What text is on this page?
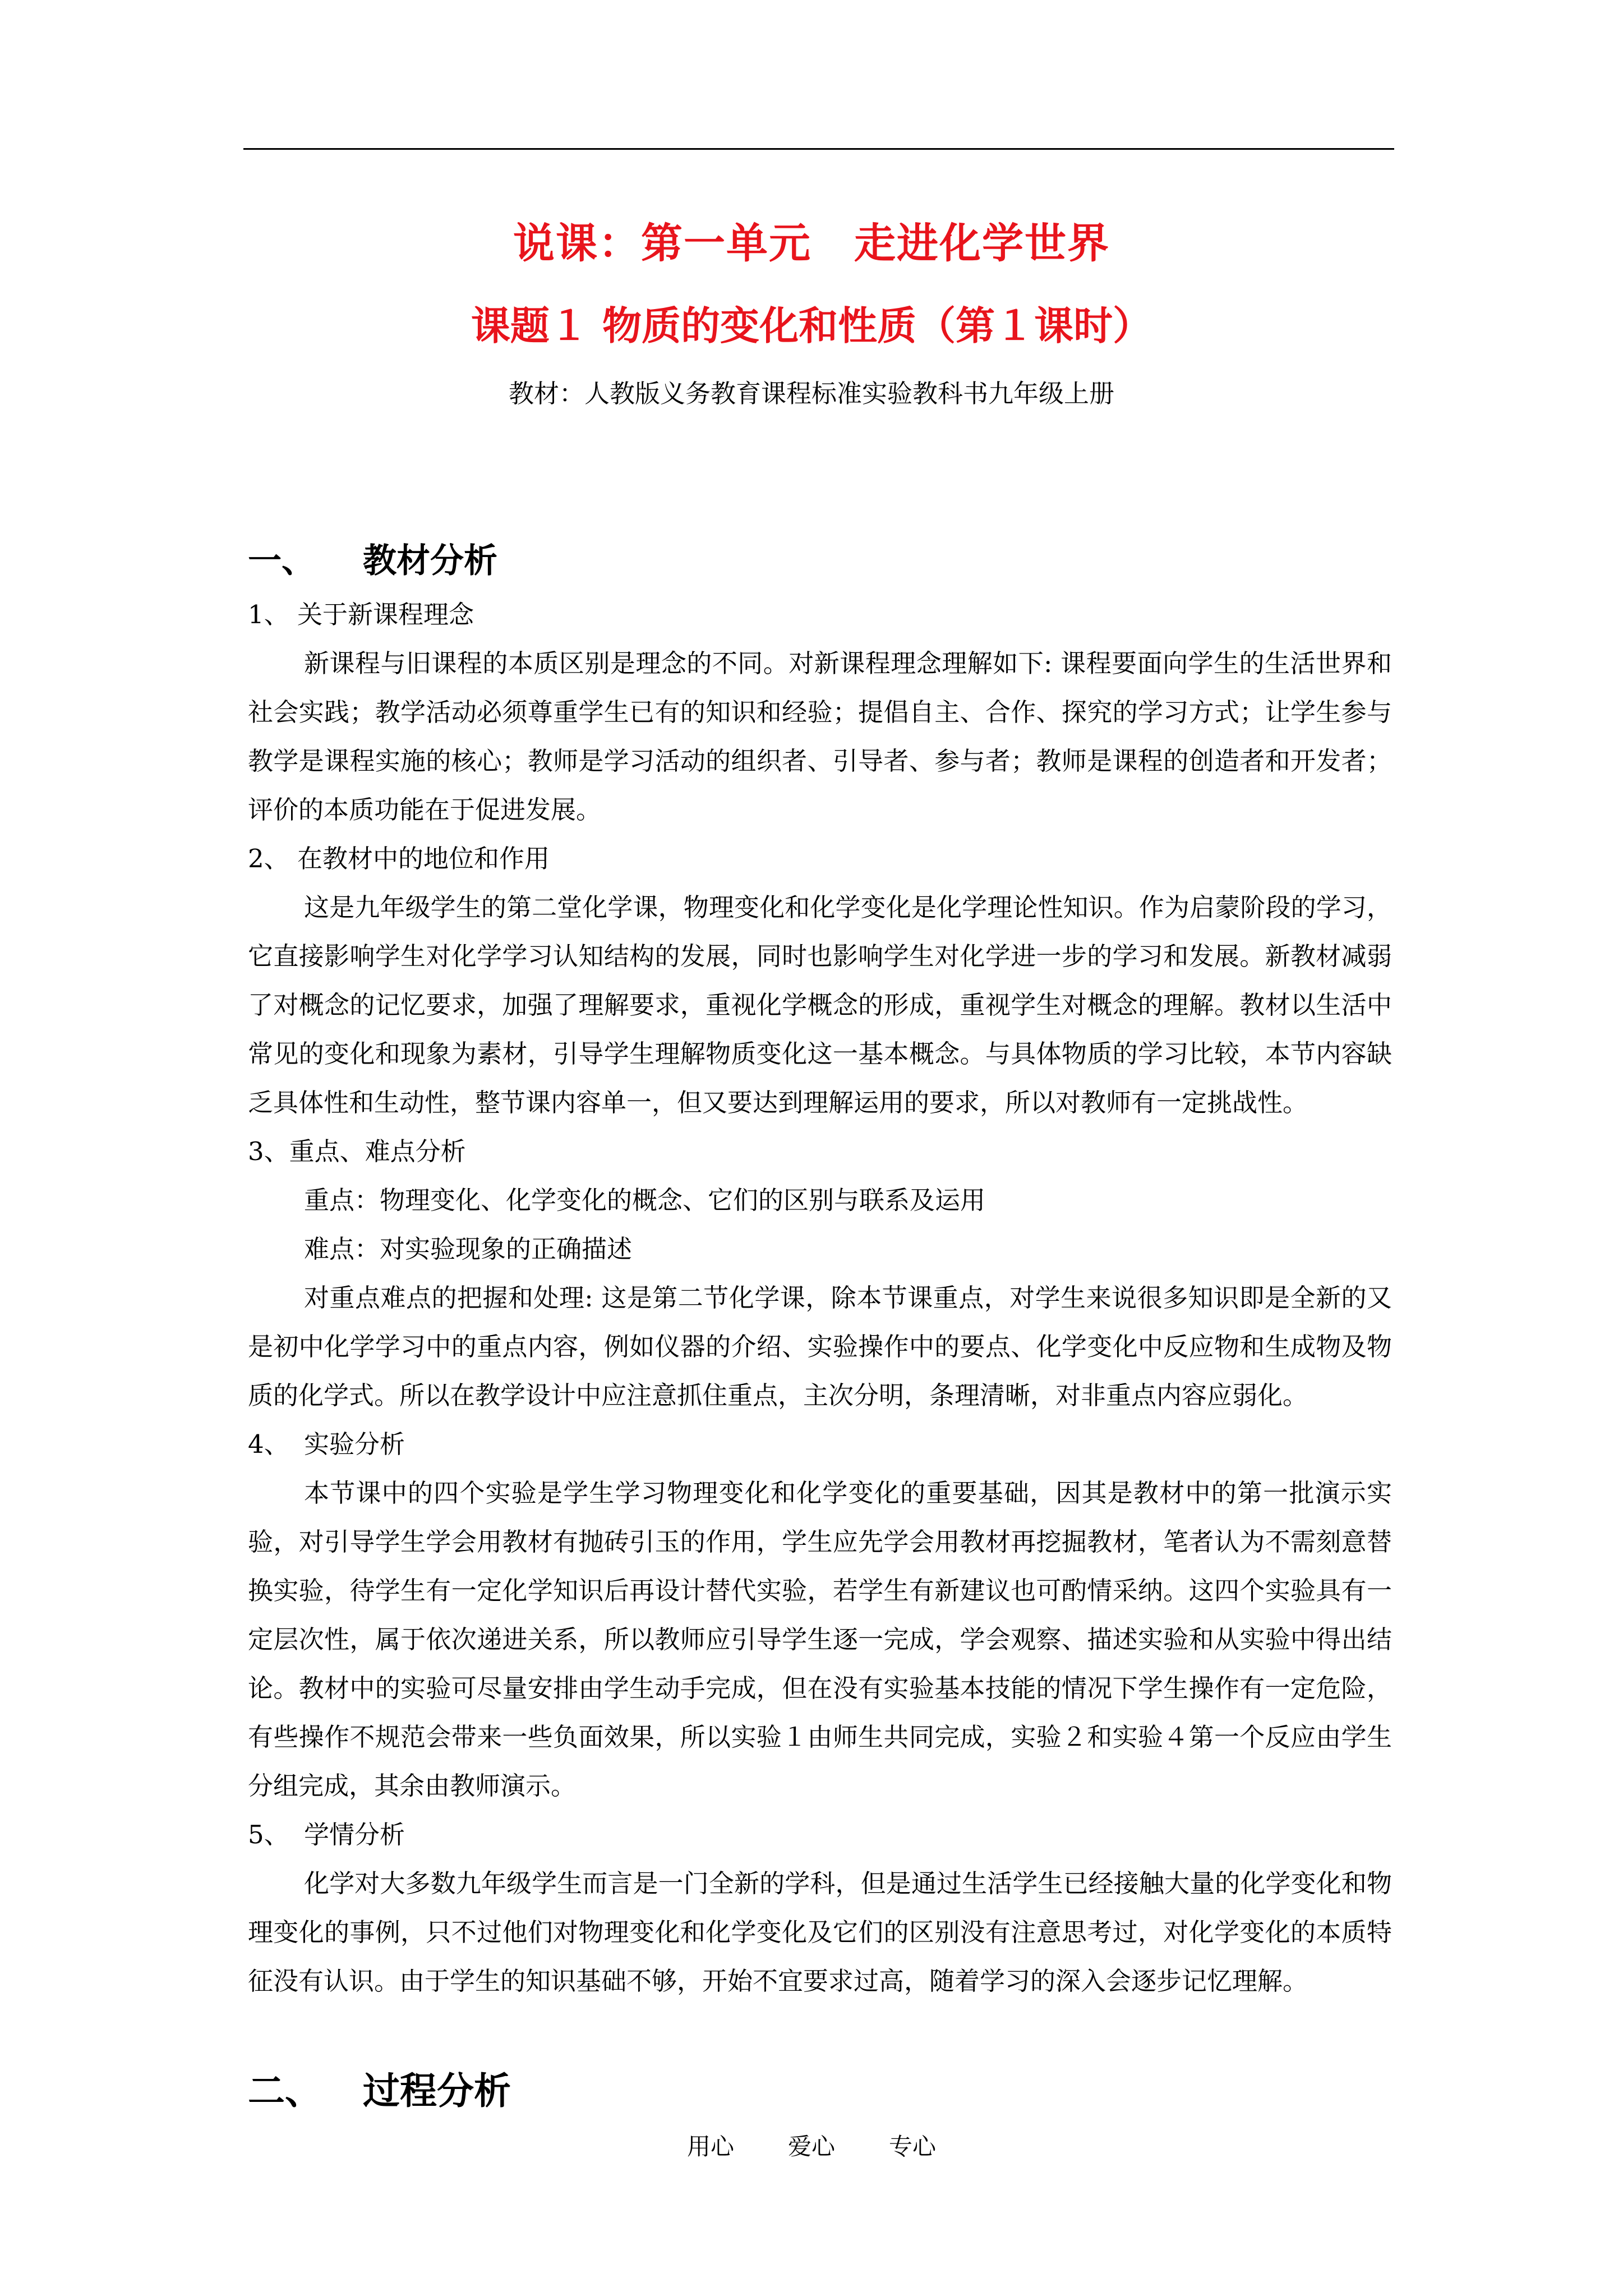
说课：第一单元　走进化学世界
课题１ 物质的变化和性质（第１课时）
教材：人教版义务教育课程标准实验教科书九年级上册
一、 教材分析

1、 关于新课程理念

新课程与旧课程的本质区别是理念的不同。对新课程理念理解如下: 课程要面向学生的生活世界和社会实践；教学活动必须尊重学生已有的知识和经验；提倡自主、合作、探究的学习方式；让学生参与教学是课程实施的核心；教师是学习活动的组织者、引导者、参与者；教师是课程的创造者和开发者；评价的本质功能在于促进发展。

2、 在教材中的地位和作用

这是九年级学生的第二堂化学课，物理变化和化学变化是化学理论性知识。作为启蒙阶段的学习，它直接影响学生对化学学习认知结构的发展，同时也影响学生对化学进一步的学习和发展。新教材减弱了对概念的记忆要求，加强了理解要求，重视化学概念的形成，重视学生对概念的理解。教材以生活中常见的变化和现象为素材，引导学生理解物质变化这一基本概念。与具体物质的学习比较，本节内容缺乏具体性和生动性，整节课内容单一，但又要达到理解运用的要求，所以对教师有一定挑战性。

3、重点、难点分析

重点：物理变化、化学变化的概念、它们的区别与联系及运用

难点：对实验现象的正确描述

对重点难点的把握和处理: 这是第二节化学课，除本节课重点，对学生来说很多知识即是全新的又是初中化学学习中的重点内容，例如仪器的介绍、实验操作中的要点、化学变化中反应物和生成物及物质的化学式。所以在教学设计中应注意抓住重点，主次分明，条理清晰，对非重点内容应弱化。

4、 实验分析

本节课中的四个实验是学生学习物理变化和化学变化的重要基础，因其是教材中的第一批演示实验，对引导学生学会用教材有抛砖引玉的作用，学生应先学会用教材再挖掘教材，笔者认为不需刻意替换实验，待学生有一定化学知识后再设计替代实验，若学生有新建议也可酌情采纳。这四个实验具有一定层次性，属于依次递进关系，所以教师应引导学生逐一完成，学会观察、描述实验和从实验中得出结论。教材中的实验可尽量安排由学生动手完成，但在没有实验基本技能的情况下学生操作有一定危险，有些操作不规范会带来一些负面效果，所以实验１由师生共同完成，实验２和实验４第一个反应由学生分组完成，其余由教师演示。

5、 学情分析

化学对大多数九年级学生而言是一门全新的学科，但是通过生活学生已经接触大量的化学变化和物理变化的事例，只不过他们对物理变化和化学变化及它们的区别没有注意思考过，对化学变化的本质特征没有认识。由于学生的知识基础不够，开始不宜要求过高，随着学习的深入会逐步记忆理解。

二、 过程分析
用心 爱心 专心
